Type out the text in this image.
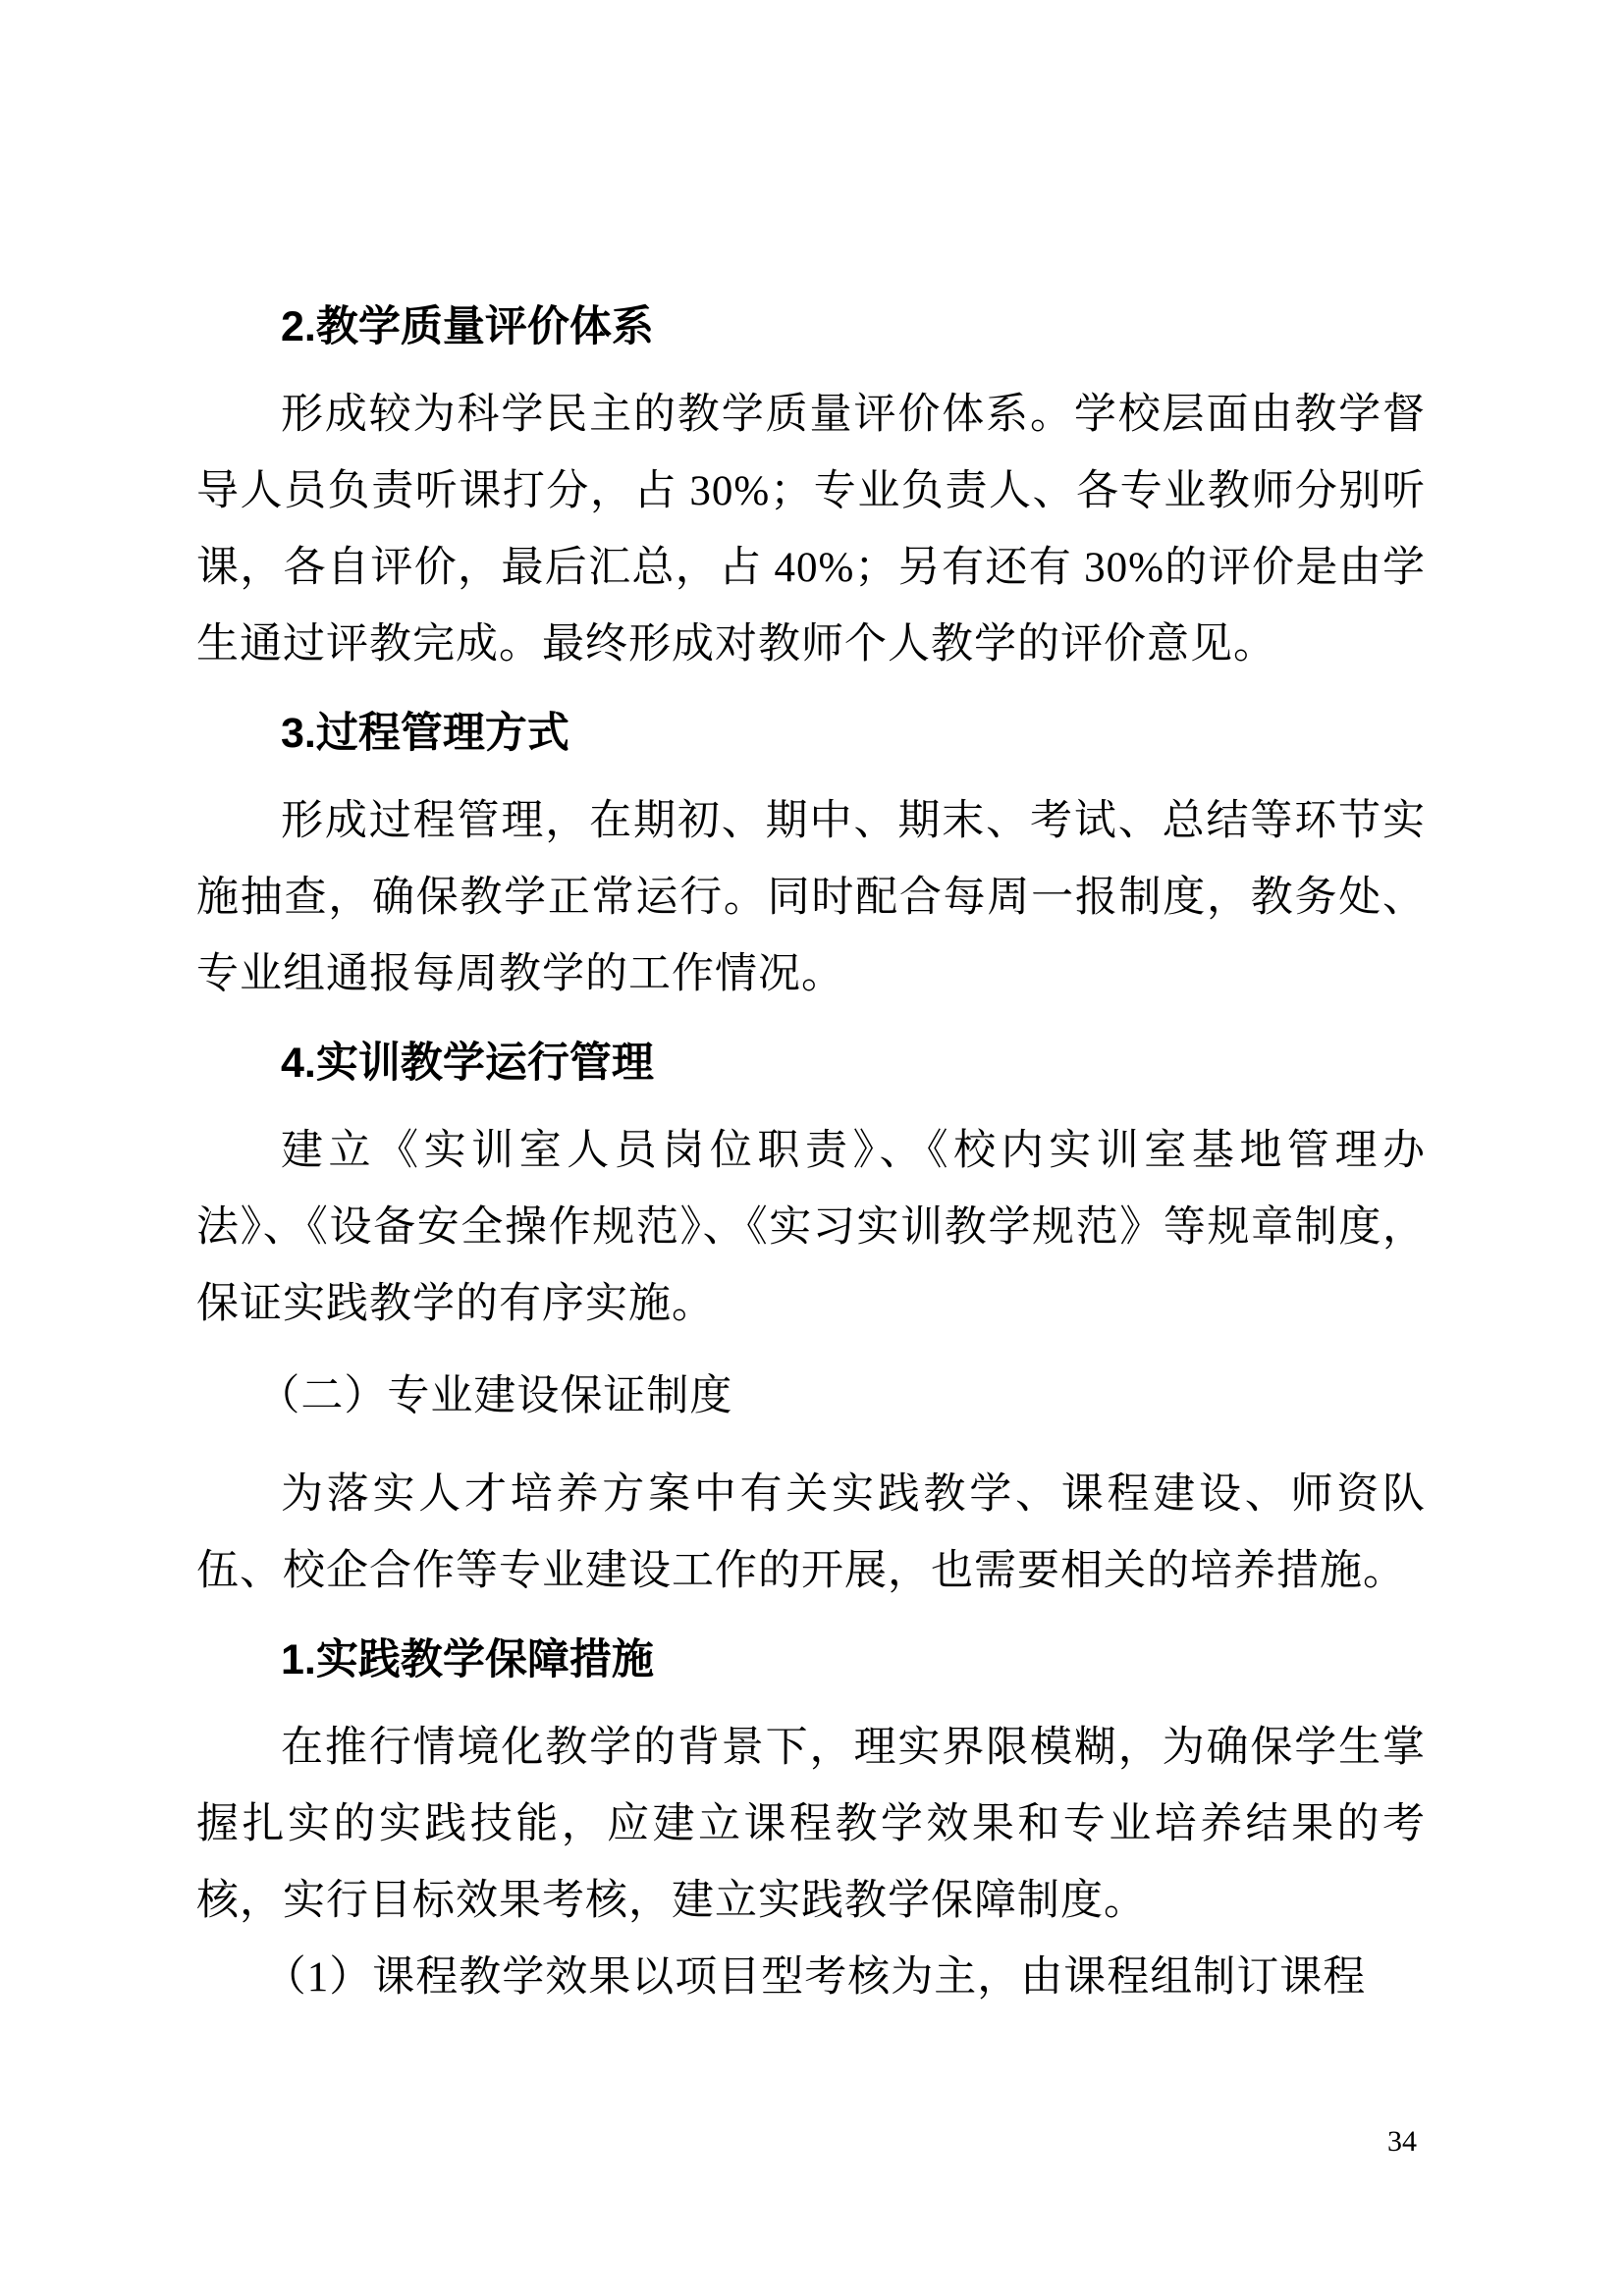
2.教学质量评价体系
形成较为科学民主的教学质量评价体系。学校层面由教学督导人员负责听课打分，占 30%；专业负责人、各专业教师分别听课，各自评价，最后汇总，占 40%；另有还有 30%的评价是由学生通过评教完成。最终形成对教师个人教学的评价意见。
3.过程管理方式
形成过程管理，在期初、期中、期末、考试、总结等环节实施抽查，确保教学正常运行。同时配合每周一报制度，教务处、专业组通报每周教学的工作情况。
4.实训教学运行管理
建立《实训室人员岗位职责》、《校内实训室基地管理办法》、《设备安全操作规范》、《实习实训教学规范》等规章制度，保证实践教学的有序实施。
（二）专业建设保证制度
为落实人才培养方案中有关实践教学、课程建设、师资队伍、校企合作等专业建设工作的开展，也需要相关的培养措施。
1.实践教学保障措施
在推行情境化教学的背景下，理实界限模糊，为确保学生掌握扎实的实践技能，应建立课程教学效果和专业培养结果的考核，实行目标效果考核，建立实践教学保障制度。
（1）课程教学效果以项目型考核为主，由课程组制订课程
34
